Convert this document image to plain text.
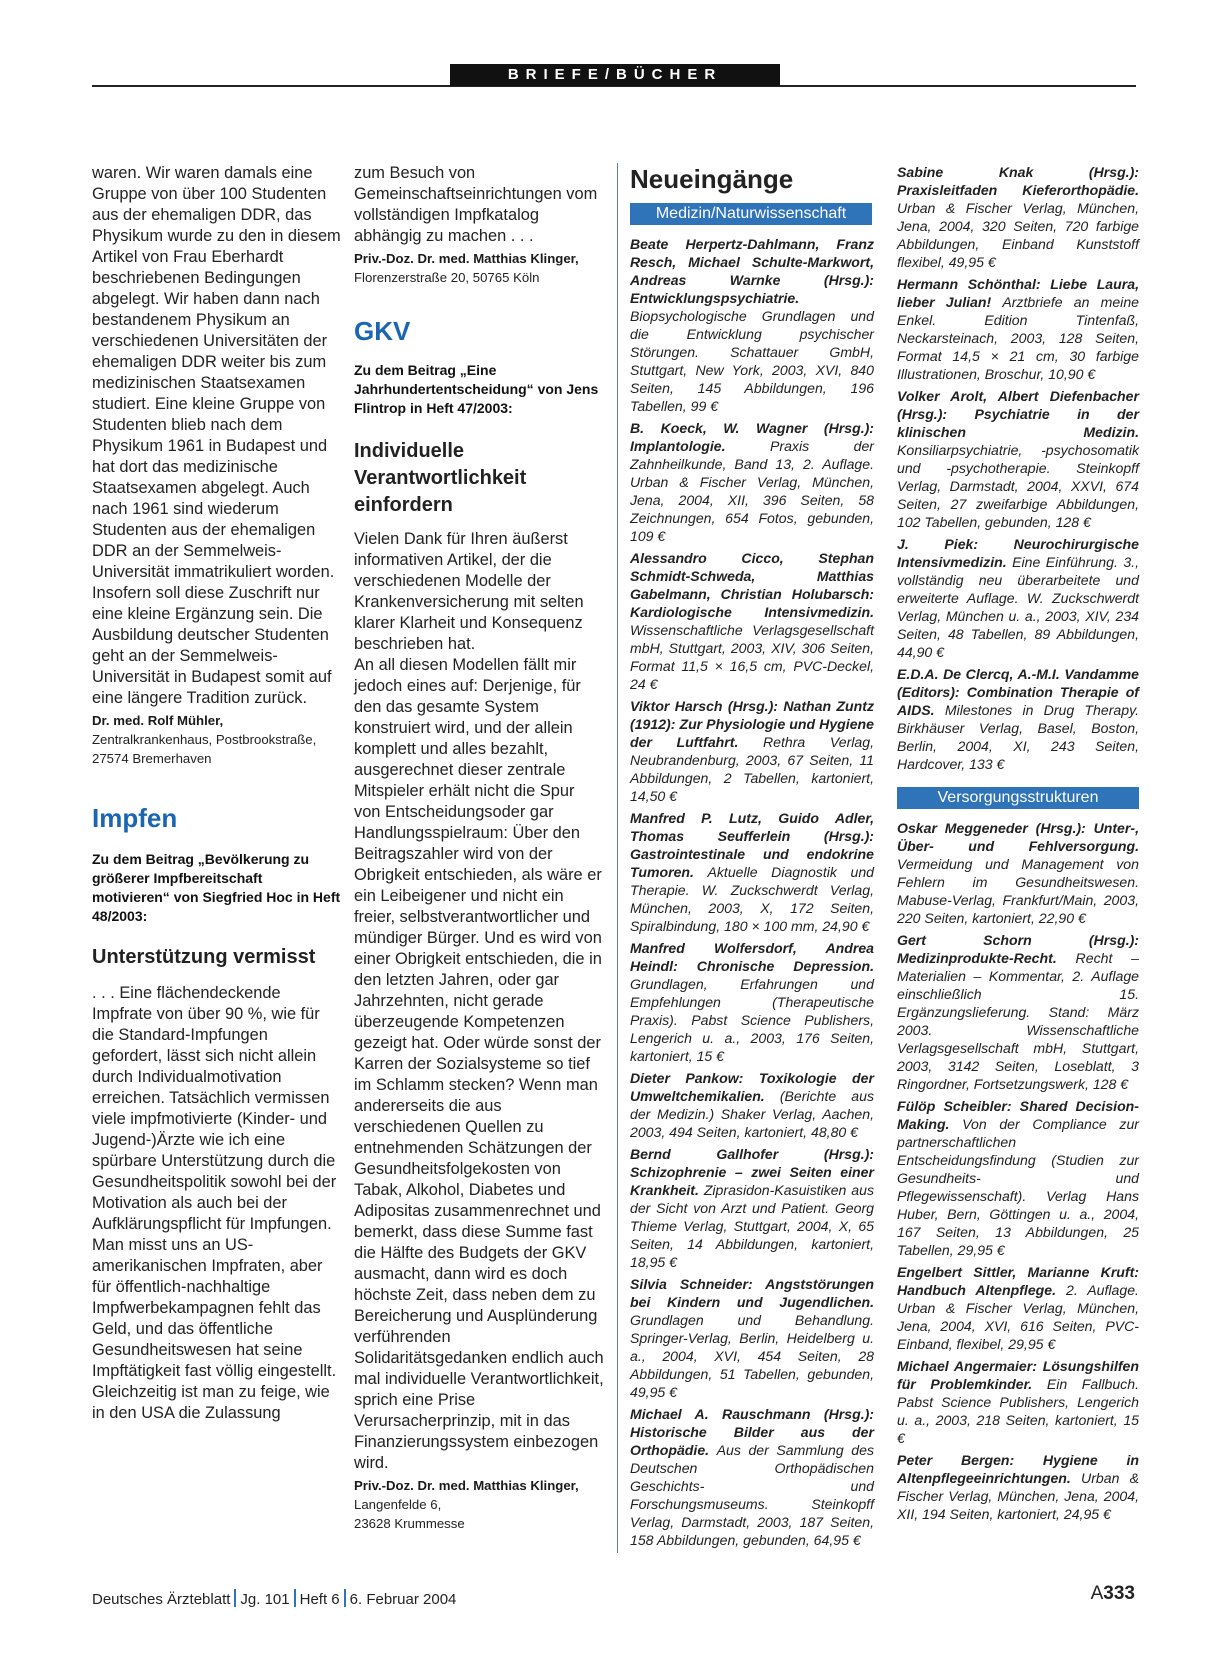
BRIEFE/BÜCHER

waren. Wir waren damals eine Gruppe von über 100 Studenten aus der ehemaligen DDR, das Physikum wurde zu den in diesem Artikel von Frau Eberhardt beschriebenen Bedingungen abgelegt. Wir haben dann nach bestandenem Physikum an verschiedenen Universitäten der ehemaligen DDR weiter bis zum medizinischen Staatsexamen studiert. Eine kleine Gruppe von Studenten blieb nach dem Physikum 1961 in Budapest und hat dort das medizinische Staatsexamen abgelegt. Auch nach 1961 sind wiederum Studenten aus der ehemaligen DDR an der Semmelweis-Universität immatrikuliert worden. Insofern soll diese Zuschrift nur eine kleine Ergänzung sein. Die Ausbildung deutscher Studenten geht an der Semmelweis-Universität in Budapest somit auf eine längere Tradition zurück.

Dr. med. Rolf Mühler,
Zentralkrankenhaus, Postbrookstraße,
27574 Bremerhaven
Impfen

Zu dem Beitrag „Bevölkerung zu größerer Impfbereitschaft motivieren“ von Siegfried Hoc in Heft 48/2003:

Unterstützung vermisst

. . . Eine flächendeckende Impfrate von über 90 %, wie für die Standard-Impfungen gefordert, lässt sich nicht allein durch Individualmotivation erreichen. Tatsächlich vermissen viele impfmotivierte (Kinder- und Jugend-)Ärzte wie ich eine spürbare Unterstützung durch die Gesundheitspolitik sowohl bei der Motivation als auch bei der Aufklärungspflicht für Impfungen. Man misst uns an US-amerikanischen Impfraten, aber für öffentlich-nachhaltige Impfwerbekampagnen fehlt das Geld, und das öffentliche Gesundheitswesen hat seine Impftätigkeit fast völlig eingestellt.

Gleichzeitig ist man zu feige, wie in den USA die Zulassung

zum Besuch von Gemeinschaftseinrichtungen vom vollständigen Impfkatalog abhängig zu machen . . .

Priv.-Doz. Dr. med. Matthias Klinger,
Florenzerstraße 20, 50765 Köln
GKV

Zu dem Beitrag „Eine Jahrhundertentscheidung“ von Jens Flintrop in Heft 47/2003:

Individuelle Verantwortlichkeit einfordern

Vielen Dank für Ihren äußerst informativen Artikel, der die verschiedenen Modelle der Krankenversicherung mit selten klarer Klarheit und Konsequenz beschrieben hat.

An all diesen Modellen fällt mir jedoch eines auf: Derjenige, für den das gesamte System konstruiert wird, und der allein komplett und alles bezahlt, ausgerechnet dieser zentrale Mitspieler erhält nicht die Spur von Entscheidungsoder gar Handlungsspielraum: Über den Beitragszahler wird von der Obrigkeit entschieden, als wäre er ein Leibeigener und nicht ein freier, selbstverantwortlicher und mündiger Bürger. Und es wird von einer Obrigkeit entschieden, die in den letzten Jahren, oder gar Jahrzehnten, nicht gerade überzeugende Kompetenzen gezeigt hat. Oder würde sonst der Karren der Sozialsysteme so tief im Schlamm stecken? Wenn man andererseits die aus verschiedenen Quellen zu entnehmenden Schätzungen der Gesundheitsfolgekosten von Tabak, Alkohol, Diabetes und Adipositas zusammenrechnet und bemerkt, dass diese Summe fast die Hälfte des Budgets der GKV ausmacht, dann wird es doch höchste Zeit, dass neben dem zu Bereicherung und Ausplünderung verführenden Solidaritätsgedanken endlich auch mal individuelle Verantwortlichkeit, sprich eine Prise Verursacherprinzip, mit in das Finanzierungssystem einbezogen wird.

Priv.-Doz. Dr. med. Matthias Klinger, Langenfelde 6,
23628 Krummesse
Neueingänge
Medizin/Naturwissenschaft

Beate Herpertz-Dahlmann, Franz Resch, Michael Schulte-Markwort, Andreas Warnke (Hrsg.): Entwicklungspsychiatrie. Biopsychologische Grundlagen und die Entwicklung psychischer Störungen. Schattauer GmbH, Stuttgart, New York, 2003, XVI, 840 Seiten, 145 Abbildungen, 196 Tabellen, 99 €

B. Koeck, W. Wagner (Hrsg.): Implantologie.	Praxis der Zahnheilkunde, Band 13, 2. Auflage. Urban & Fischer Verlag, München, Jena, 2004, XII, 396 Seiten, 58 Zeichnungen, 654 Fotos, gebunden, 109 €

Alessandro Cicco, Stephan Schmidt-Schweda, Matthias Gabelmann, Christian Holubarsch: Kardiologische Intensivmedizin. Wissenschaftliche Verlagsgesellschaft mbH, Stuttgart, 2003, XIV, 306 Seiten, Format 11,5 × 16,5 cm, PVC-Deckel, 24 €

Viktor Harsch (Hrsg.): Nathan Zuntz (1912): Zur Physiologie und Hygiene der Luftfahrt. Rethra Verlag, Neubrandenburg, 2003, 67 Seiten, 11 Abbildungen, 2 Tabellen, kartoniert, 14,50 €

Manfred P. Lutz, Guido Adler, Thomas Seufferlein (Hrsg.): Gastrointestinale und endokrine Tumoren. Aktuelle Diagnostik und Therapie. W. Zuckschwerdt Verlag, München, 2003, X, 172 Seiten, Spiralbindung, 180 × 100 mm, 24,90 €

Manfred Wolfersdorf, Andrea Heindl: Chronische Depression. Grundlagen, Erfahrungen und Empfehlungen (Therapeutische Praxis). Pabst Science Publishers, Lengerich u. a., 2003, 176 Seiten, kartoniert, 15 €

Dieter Pankow: Toxikologie der Umweltchemikalien. (Berichte aus der Medizin.) Shaker Verlag, Aachen, 2003, 494 Seiten, kartoniert, 48,80 €

Bernd Gallhofer (Hrsg.): Schizophrenie – zwei Seiten einer Krankheit. Ziprasidon-Kasuistiken aus der Sicht von Arzt und Patient. Georg Thieme Verlag, Stuttgart, 2004, X, 65 Seiten, 14 Abbildungen, kartoniert, 18,95 €

Silvia Schneider: Angststörungen bei Kindern und Jugendlichen. Grundlagen und Behandlung. Springer-Verlag, Berlin, Heidelberg u. a., 2004, XVI, 454 Seiten, 28 Abbildungen, 51 Tabellen, gebunden, 49,95 €

Michael A. Rauschmann (Hrsg.): Historische Bilder aus der Orthopädie. Aus der Sammlung des Deutschen Orthopädischen Geschichts- und Forschungsmuseums. Steinkopff Verlag, Darmstadt, 2003, 187 Seiten, 158 Abbildungen, gebunden, 64,95 €

Sabine Knak (Hrsg.): Praxisleitfaden Kieferorthopädie. Urban & Fischer Verlag, München, Jena, 2004, 320 Seiten, 720 farbige Abbildungen, Einband Kunststoff flexibel, 49,95 €

Hermann Schönthal: Liebe Laura, lieber Julian! Arztbriefe an meine Enkel. Edition Tintenfaß, Neckarsteinach, 2003, 128 Seiten, Format 14,5 × 21 cm, 30 farbige Illustrationen, Broschur, 10,90 €

Volker Arolt, Albert Diefenbacher (Hrsg.): Psychiatrie in der klinischen Medizin. Konsiliarpsychiatrie, -psychosomatik und -psychotherapie. Steinkopff Verlag, Darmstadt, 2004, XXVI, 674 Seiten, 27 zweifarbige Abbildungen, 102 Tabellen, gebunden, 128 €

J. Piek: Neurochirurgische Intensivmedizin. Eine Einführung. 3., vollständig neu überarbeitete und erweiterte Auflage. W. Zuckschwerdt Verlag, München u. a., 2003, XIV, 234 Seiten, 48 Tabellen, 89 Abbildungen, 44,90 €

E.D.A. De Clercq, A.-M.I. Vandamme (Editors): Combination Therapie of AIDS. Milestones in Drug Therapy. Birkhäuser Verlag, Basel, Boston, Berlin, 2004, XI, 243 Seiten, Hardcover, 133 €

Versorgungsstrukturen

Oskar Meggeneder (Hrsg.): Unter-, Über- und Fehlversorgung. Vermeidung und Management von Fehlern im Gesundheitswesen. Mabuse-Verlag, Frankfurt/Main, 2003, 220 Seiten, kartoniert, 22,90 €

Gert Schorn (Hrsg.): Medizinprodukte-Recht. Recht – Materialien – Kommentar, 2. Auflage einschließlich 15. Ergänzungslieferung. Stand: März 2003. Wissenschaftliche Verlagsgesellschaft mbH, Stuttgart, 2003, 3142 Seiten, Loseblatt, 3 Ringordner, Fortsetzungswerk, 128 €

Fülöp Scheibler: Shared Decision-Making. Von der Compliance zur partnerschaftlichen Entscheidungsfindung (Studien zur Gesundheits- und Pflegewissenschaft). Verlag Hans Huber, Bern, Göttingen u. a., 2004, 167 Seiten, 13 Abbildungen, 25 Tabellen, 29,95 €

Engelbert Sittler, Marianne Kruft: Handbuch Altenpflege. 2. Auflage. Urban & Fischer Verlag, München, Jena, 2004, XVI, 616 Seiten, PVC-Einband, flexibel, 29,95 €

Michael Angermaier: Lösungshilfen für Problemkinder. Ein Fallbuch. Pabst Science Publishers, Lengerich u. a., 2003, 218 Seiten, kartoniert, 15 €

Peter Bergen: Hygiene in Altenpflegeeinrichtungen. Urban & Fischer Verlag, München, Jena, 2004, XII, 194 Seiten, kartoniert, 24,95 €

Deutsches Ärzteblatt Jg. 101 Heft 6 6. Februar 2004	A333
